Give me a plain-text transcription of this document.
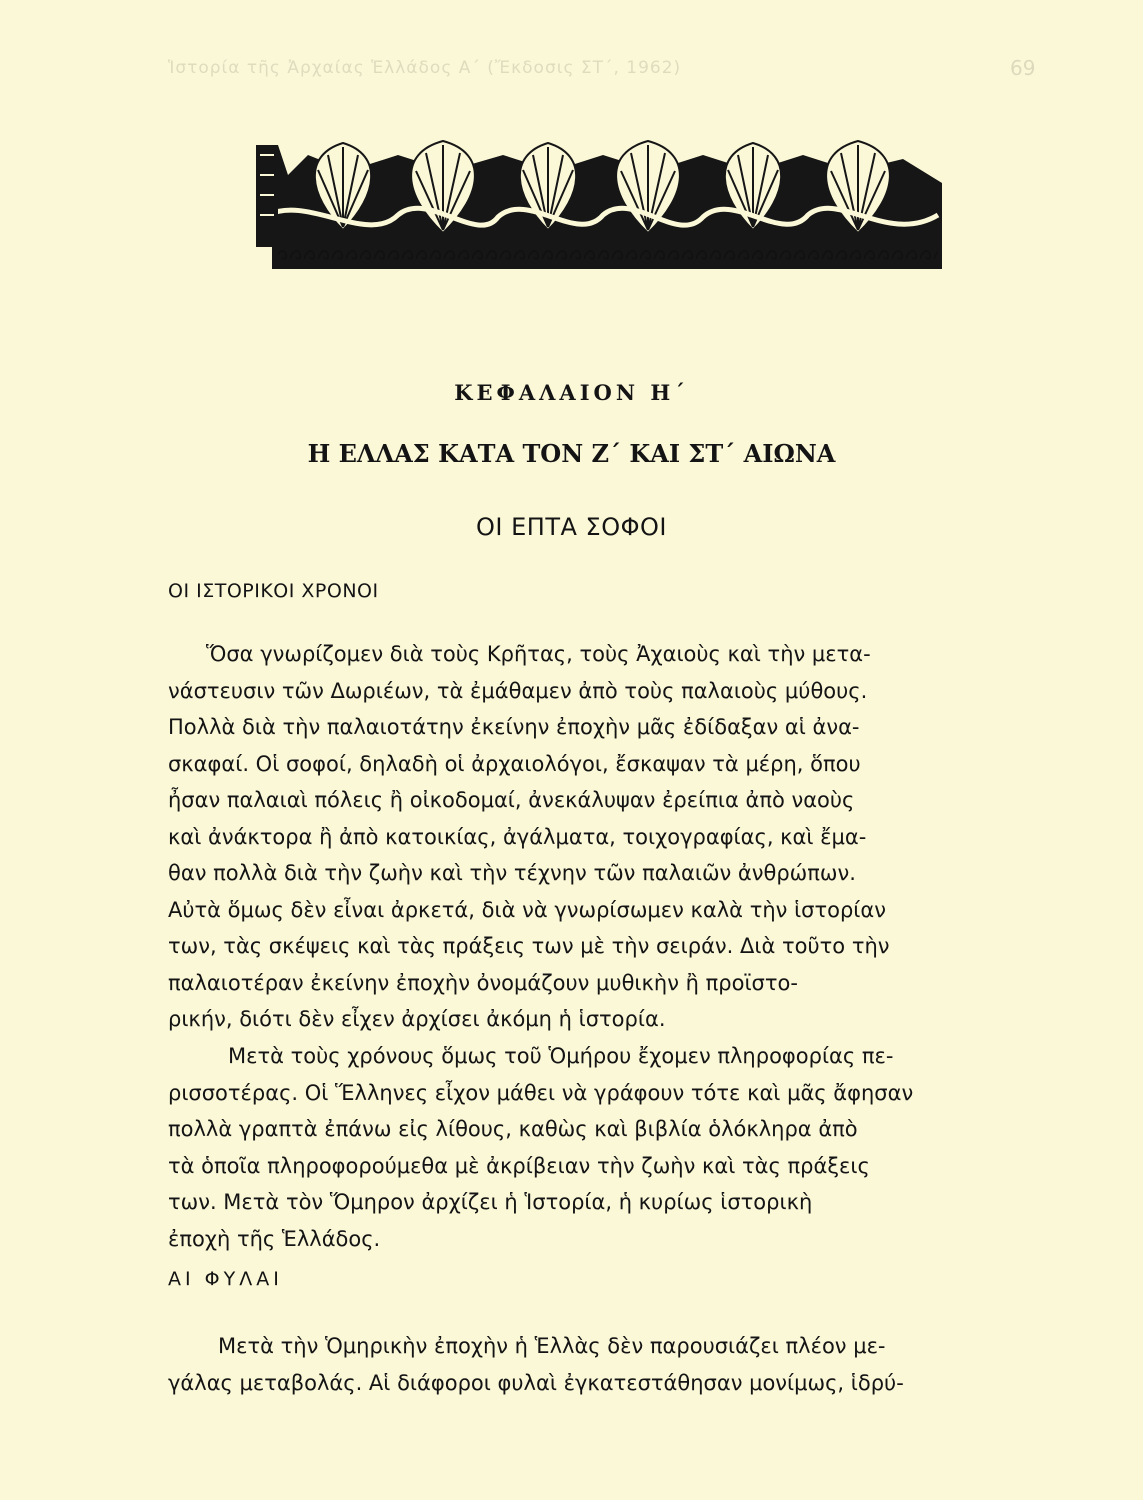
Ἱστορία τῆς Ἀρχαίας Ἑλλάδος Α΄ (Ἔκδοσις ΣΤ΄, 1962)	69
ΚΕΦΑΛΑΙΟΝ Η΄
Η ΕΛΛΑΣ ΚΑΤΑ ΤΟΝ Ζ΄ ΚΑΙ ΣΤ΄ ΑΙΩΝΑ
ΟΙ ΕΠΤΑ ΣΟΦΟΙ
ΟΙ ΙΣΤΟΡΙΚΟΙ ΧΡΟΝΟΙ
Ὅσα γνωρίζομεν διὰ τοὺς Κρῆτας, τοὺς Ἀχαιοὺς καὶ τὴν μετα-
νάστευσιν τῶν Δωριέων, τὰ ἐμάθαμεν ἀπὸ τοὺς παλαιοὺς μύθους.
Πολλὰ διὰ τὴν παλαιοτάτην ἐκείνην ἐποχὴν μᾶς ἐδίδαξαν αἱ ἀνα-
σκαφαί. Οἱ σοφοί, δηλαδὴ οἱ ἀρχαιολόγοι, ἔσκαψαν τὰ μέρη, ὅπου
ἦσαν παλαιαὶ πόλεις ἢ οἰκοδομαί, ἀνεκάλυψαν ἐρείπια ἀπὸ ναοὺς
καὶ ἀνάκτορα ἢ ἀπὸ κατοικίας, ἀγάλματα, τοιχογραφίας, καὶ ἔμα-
θαν πολλὰ διὰ τὴν ζωὴν καὶ τὴν τέχνην τῶν παλαιῶν ἀνθρώπων.
Αὐτὰ ὅμως δὲν εἶναι ἀρκετά, διὰ νὰ γνωρίσωμεν καλὰ τὴν ἱστορίαν
των, τὰς σκέψεις καὶ τὰς πράξεις των μὲ τὴν σειράν. Διὰ τοῦτο τὴν
παλαιοτέραν ἐκείνην ἐποχὴν ὀνομάζουν μυθικὴν ἢ προϊστο-
ρικήν, διότι δὲν εἶχεν ἀρχίσει ἀκόμη ἡ ἱστορία.
Μετὰ τοὺς χρόνους ὅμως τοῦ Ὁμήρου ἔχομεν πληροφορίας πε-
ρισσοτέρας. Οἱ Ἕλληνες εἶχον μάθει νὰ γράφουν τότε καὶ μᾶς ἄφησαν
πολλὰ γραπτὰ ἐπάνω εἰς λίθους, καθὼς καὶ βιβλία ὁλόκληρα ἀπὸ
τὰ ὁποῖα πληροφορούμεθα μὲ ἀκρίβειαν τὴν ζωὴν καὶ τὰς πράξεις
των. Μετὰ τὸν Ὅμηρον ἀρχίζει ἡ Ἱστορία, ἡ κυρίως ἱστορικὴ
ἐποχὴ τῆς Ἑλλάδος.
ΑΙ ΦΥΛΑΙ
Μετὰ τὴν Ὁμηρικὴν ἐποχὴν ἡ Ἑλλὰς δὲν παρουσιάζει πλέον με-
γάλας μεταβολάς. Αἱ διάφοροι φυλαὶ ἐγκατεστάθησαν μονίμως, ἱδρύ-
